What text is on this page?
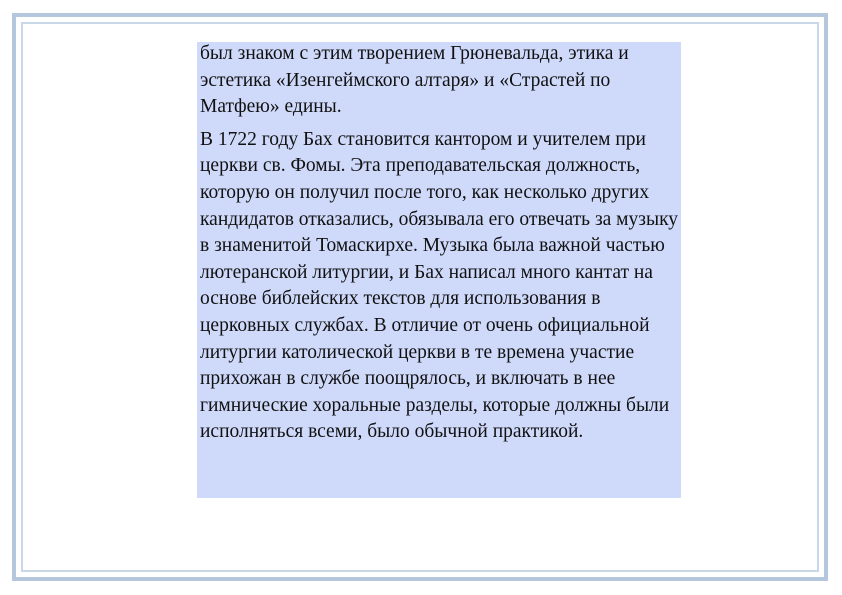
был знаком с этим творением Грюневальда, этика и эстетика «Изенгеймского алтаря» и «Страстей по Матфею» едины.

В 1722 году Бах становится кантором и учителем при церкви св. Фомы. Эта преподавательская должность, которую он получил после того, как несколько других кандидатов отказались, обязывала его отвечать за музыку в знаменитой Томаскирхе. Музыка была важной частью лютеранской литургии, и Бах написал много кантат на основе библейских текстов для использования в церковных службах. В отличие от очень официальной литургии католической церкви в те времена участие прихожан в службе поощрялось, и включать в нее гимнические хоральные разделы, которые должны были исполняться всеми, было обычной практикой.
